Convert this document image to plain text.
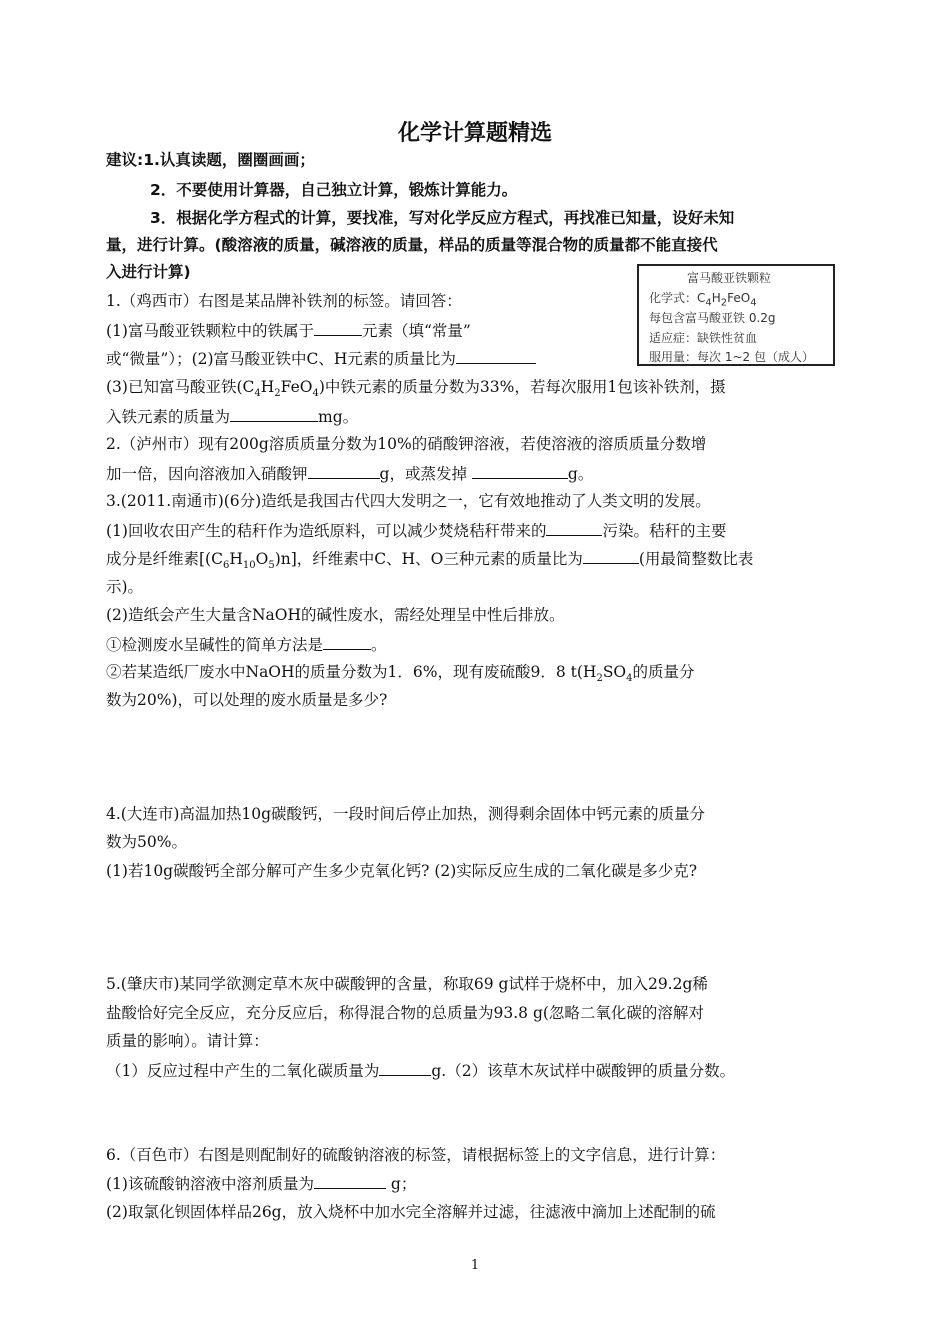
化学计算题精选
建议:1.认真读题，圈圈画画；
2．不要使用计算器，自己独立计算，锻炼计算能力。
3．根据化学方程式的计算，要找准，写对化学反应方程式，再找准已知量，设好未知
量，进行计算。(酸溶液的质量，碱溶液的质量，样品的质量等混合物的质量都不能直接代
入进行计算)	富马酸亚铁颗粒
化学式：$C_4H_2FeO_4$
每包含富马酸亚铁 0.2g
适应症：缺铁性贫血
服用量：每次 1~2 包（成人）
1.（鸡西市）右图是某品牌补铁剂的标签。请回答：
(1)富马酸亚铁颗粒中的铁属于	元素（填“常量”
或“微量”）；(2)富马酸亚铁中C、H元素的质量比为
(3)已知富马酸亚铁$(C_4H_2FeO_4)$中铁元素的质量分数为33%，若每次服用1包该补铁剂，摄
入铁元素的质量为	mg。
2.（泸州市）现有200g溶质质量分数为10%的硝酸钾溶液，若使溶液的溶质质量分数增
加一倍，因向溶液加入硝酸钾	g，或蒸发掉	g。
3.(2011.南通市)(6分)造纸是我国古代四大发明之一，它有效地推动了人类文明的发展。
(1)回收农田产生的秸秆作为造纸原料，可以减少焚烧秸秆带来的	污染。秸秆的主要
成分是纤维素$[(C_6H_{10}O_5)n]$，纤维素中C、H、O三种元素的质量比为	(用最简整数比表
示)。
(2)造纸会产生大量含NaOH的碱性废水，需经处理呈中性后排放。
①检测废水呈碱性的简单方法是	。
②若某造纸厂废水中NaOH的质量分数为1．6%，现有废硫酸9．8 $t(H_2SO_4$的质量分
数为20%)，可以处理的废水质量是多少?
4.(大连市)高温加热10g碳酸钙，一段时间后停止加热，测得剩余固体中钙元素的质量分
数为50%。
(1)若10g碳酸钙全部分解可产生多少克氧化钙? (2)实际反应生成的二氧化碳是多少克?
5.(肇庆市)某同学欲测定草木灰中碳酸钾的含量，称取69 g试样于烧杯中，加入29.2g稀
盐酸恰好完全反应，充分反应后，称得混合物的总质量为93.8 g(忽略二氧化碳的溶解对
质量的影响）。请计算：
（1）反应过程中产生的二氧化碳质量为	g.（2）该草木灰试样中碳酸钾的质量分数。
6.（百色市）右图是则配制好的硫酸钠溶液的标签，请根据标签上的文字信息，进行计算：
(1)该硫酸钠溶液中溶剂质量为	g；
(2)取氯化钡固体样品26g，放入烧杯中加水完全溶解并过滤，往滤液中滴加上述配制的硫
1
